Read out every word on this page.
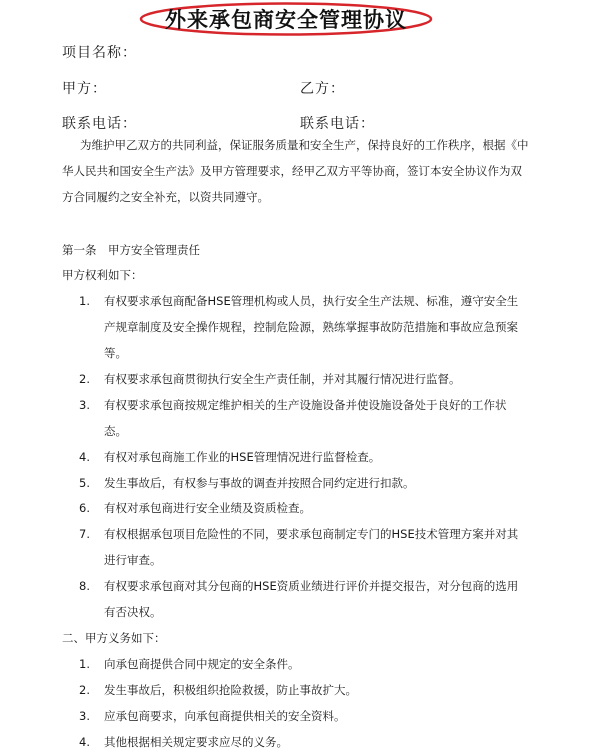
外来承包商安全管理协议
项目名称：
甲方：	乙方：
联系电话：	联系电话：
为维护甲乙双方的共同利益，保证服务质量和安全生产，保持良好的工作秩序，根据《中
华人民共和国安全生产法》及甲方管理要求，经甲乙双方平等协商，签订本安全协议作为双
方合同履约之安全补充，以资共同遵守。
第一条　甲方安全管理责任
甲方权利如下：
1. 有权要求承包商配备HSE管理机构或人员，执行安全生产法规、标准，遵守安全生
产规章制度及安全操作规程，控制危险源，熟练掌握事故防范措施和事故应急预案
等。
2. 有权要求承包商贯彻执行安全生产责任制，并对其履行情况进行监督。
3. 有权要求承包商按规定维护相关的生产设施设备并使设施设备处于良好的工作状
态。
4. 有权对承包商施工作业的HSE管理情况进行监督检查。
5. 发生事故后，有权参与事故的调查并按照合同约定进行扣款。
6. 有权对承包商进行安全业绩及资质检查。
7. 有权根据承包项目危险性的不同，要求承包商制定专门的HSE技术管理方案并对其
进行审查。
8. 有权要求承包商对其分包商的HSE资质业绩进行评价并提交报告，对分包商的选用
有否决权。
二、甲方义务如下：
1. 向承包商提供合同中规定的安全条件。
2. 发生事故后，积极组织抢险救援，防止事故扩大。
3. 应承包商要求，向承包商提供相关的安全资料。
4. 其他根据相关规定要求应尽的义务。
